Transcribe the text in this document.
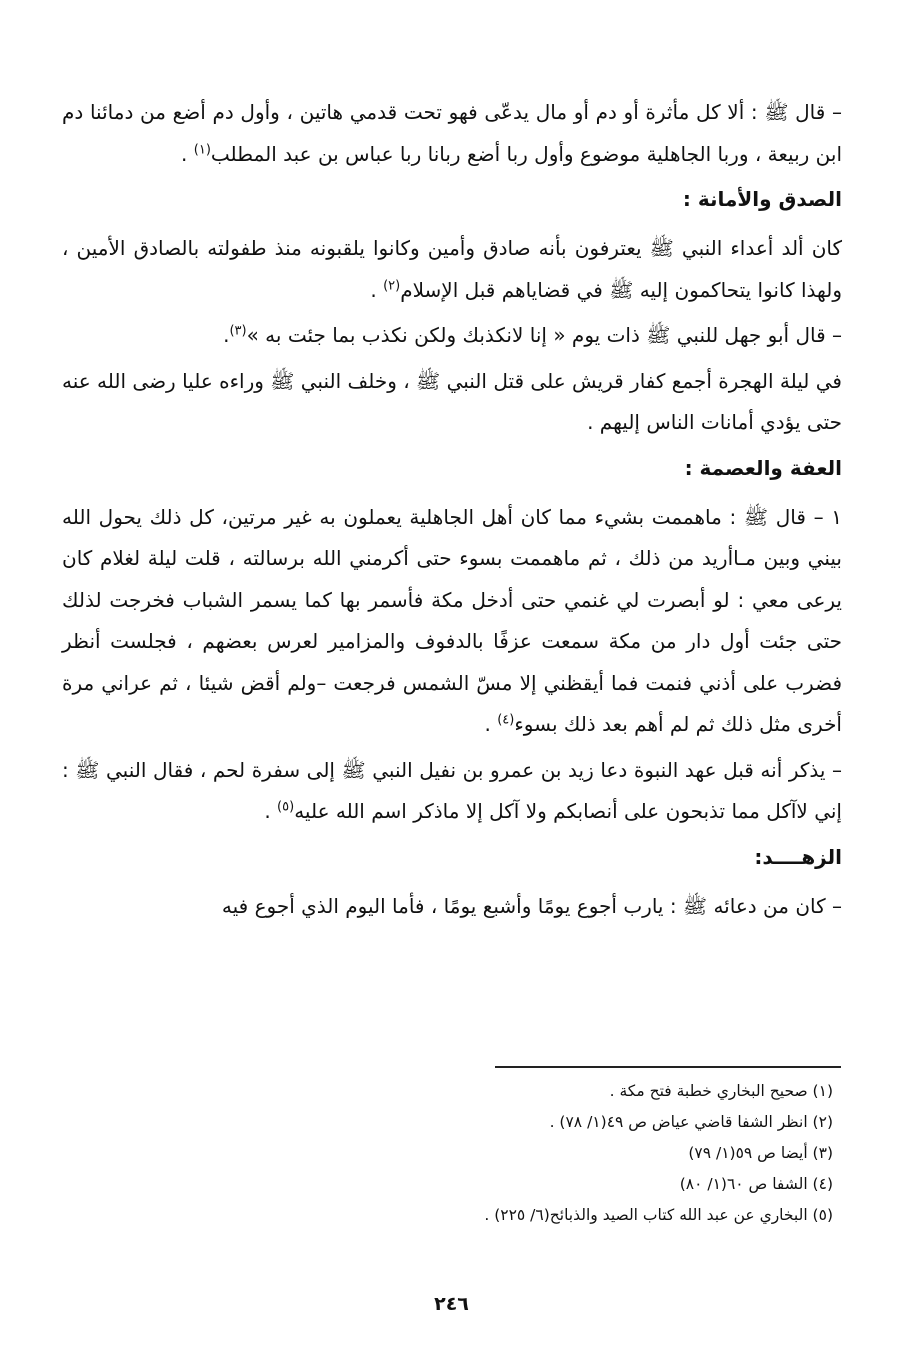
– قال ﷺ : ألا كل مأثرة أو دم أو مال يدعّى فهو تحت قدمي هاتين ، وأول دم أضع من دمائنا دم ابن ربيعة ، وربا الجاهلية موضوع وأول ربا أضع ربانا ربا عباس بن عبد المطلب$^{(١)}$ .

الصدق والأمانة :

كان ألد أعداء النبي ﷺ يعترفون بأنه صادق وأمين وكانوا يلقبونه منذ طفولته بالصادق الأمين ، ولهذا كانوا يتحاكمون إليه ﷺ في قضاياهم قبل الإسلام$^{(٢)}$ .

– قال أبو جهل للنبي ﷺ ذات يوم « إنا لانكذبك ولكن نكذب بما جئت به »$^{(٣)}$.

في ليلة الهجرة أجمع كفار قريش على قتل النبي ﷺ ، وخلف النبي ﷺ وراءه عليا رضى الله عنه حتى يؤدي أمانات الناس إليهم .

العفة والعصمة :

١ – قال ﷺ : ماهممت بشيء مما كان أهل الجاهلية يعملون به غير مرتين، كل ذلك يحول الله بيني وبين مـاأريد من ذلك ، ثم ماهممت بسوء حتى أكرمني الله برسالته ، قلت ليلة لغلام كان يرعى معي : لو أبصرت لي غنمي حتى أدخل مكة فأسمر بها كما يسمر الشباب فخرجت لذلك حتى جئت أول دار من مكة سمعت عزفًا بالدفوف والمزامير لعرس بعضهم ، فجلست أنظر فضرب على أذني فنمت فما أيقظني إلا مسّ الشمس فرجعت –ولم أقض شيئا ، ثم عراني مرة أخرى مثل ذلك ثم لم أهم بعد ذلك بسوء$^{(٤)}$ .

– يذكر أنه قبل عهد النبوة دعا زيد بن عمرو بن نفيل النبي ﷺ إلى سفرة لحم ، فقال النبي ﷺ : إني لاآكل مما تذبحون على أنصابكم ولا آكل إلا ماذكر اسم الله عليه$^{(٥)}$ .

الزهــــد:

– كان من دعائه ﷺ : يارب أجوع يومًا وأشبع يومًا ، فأما اليوم الذي أجوع فيه

(١) صحيح البخاري خطبة فتح مكة .

(٢) انظر الشفا قاضي عياض ص ٤٩(١/ ٧٨) .

(٣) أيضا ص ٥٩(١/ ٧٩)

(٤) الشفا ص ٦٠(١/ ٨٠)

(٥) البخاري عن عبد الله كتاب الصيد والذبائح(٦/ ٢٢٥) .

٢٤٦
